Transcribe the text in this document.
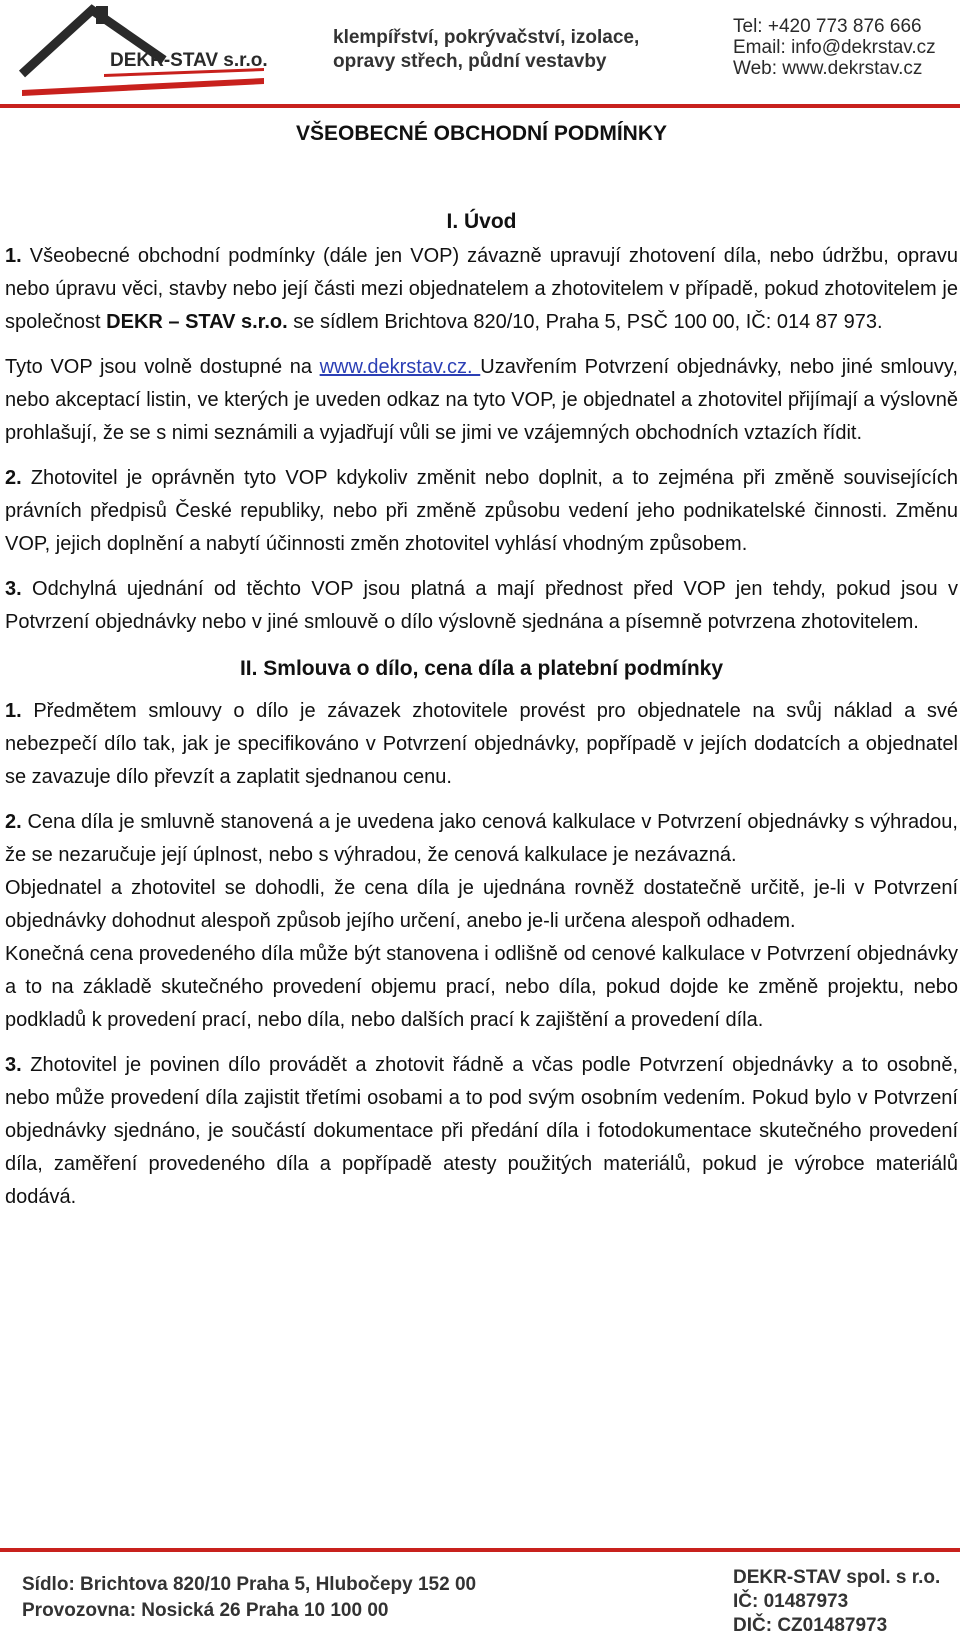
DEKR-STAV s.r.o.
klempířství, pokrývačství, izolace,
opravy střech, půdní vestavby
Tel: +420 773 876 666
Email: info@dekrstav.cz
Web: www.dekrstav.cz
VŠEOBECNÉ OBCHODNÍ PODMÍNKY
I. Úvod

1. Všeobecné obchodní podmínky (dále jen VOP) závazně upravují zhotovení díla, nebo údržbu, opravu nebo úpravu věci, stavby nebo její části mezi objednatelem a zhotovitelem v případě, pokud zhotovitelem je společnost DEKR – STAV s.r.o. se sídlem Brichtova 820/10, Praha 5, PSČ 100 00, IČ: 014 87 973.

Tyto VOP jsou volně dostupné na www.dekrstav.cz. Uzavřením Potvrzení objednávky, nebo jiné smlouvy, nebo akceptací listin, ve kterých je uveden odkaz na tyto VOP, je objednatel a zhotovitel přijímají a výslovně prohlašují, že se s nimi seznámili a vyjadřují vůli se jimi ve vzájemných obchodních vztazích řídit.

2. Zhotovitel je oprávněn tyto VOP kdykoliv změnit nebo doplnit, a to zejména při změně souvisejících právních předpisů České republiky, nebo při změně způsobu vedení jeho podnikatelské činnosti. Změnu VOP, jejich doplnění a nabytí účinnosti změn zhotovitel vyhlásí vhodným způsobem.

3. Odchylná ujednání od těchto VOP jsou platná a mají přednost před VOP jen tehdy, pokud jsou v Potvrzení objednávky nebo v jiné smlouvě o dílo výslovně sjednána a písemně potvrzena zhotovitelem.

II. Smlouva o dílo, cena díla a platební podmínky

1. Předmětem smlouvy o dílo je závazek zhotovitele provést pro objednatele na svůj náklad a své nebezpečí dílo tak, jak je specifikováno v Potvrzení objednávky, popřípadě v jejích dodatcích a objednatel se zavazuje dílo převzít a zaplatit sjednanou cenu.

2. Cena díla je smluvně stanovená a je uvedena jako cenová kalkulace v Potvrzení objednávky s výhradou, že se nezaručuje její úplnost, nebo s výhradou, že cenová kalkulace je nezávazná.

Objednatel a zhotovitel se dohodli, že cena díla je ujednána rovněž dostatečně určitě, je-li v Potvrzení objednávky dohodnut alespoň způsob jejího určení, anebo je-li určena alespoň odhadem.

Konečná cena provedeného díla může být stanovena i odlišně od cenové kalkulace v Potvrzení objednávky a to na základě skutečného provedení objemu prací, nebo díla, pokud dojde ke změně projektu, nebo podkladů k provedení prací, nebo díla, nebo dalších prací k zajištění a provedení díla.

3. Zhotovitel je povinen dílo provádět a zhotovit řádně a včas podle Potvrzení objednávky a to osobně, nebo může provedení díla zajistit třetími osobami a to pod svým osobním vedením. Pokud bylo v Potvrzení objednávky sjednáno, je součástí dokumentace při předání díla i fotodokumentace skutečného provedení díla, zaměření provedeného díla a popřípadě atesty použitých materiálů, pokud je výrobce materiálů dodává.

Sídlo: Brichtova 820/10 Praha 5, Hlubočepy 152 00
Provozovna: Nosická 26 Praha 10 100 00
DEKR-STAV spol. s r.o.
IČ: 01487973
DIČ: CZ01487973
